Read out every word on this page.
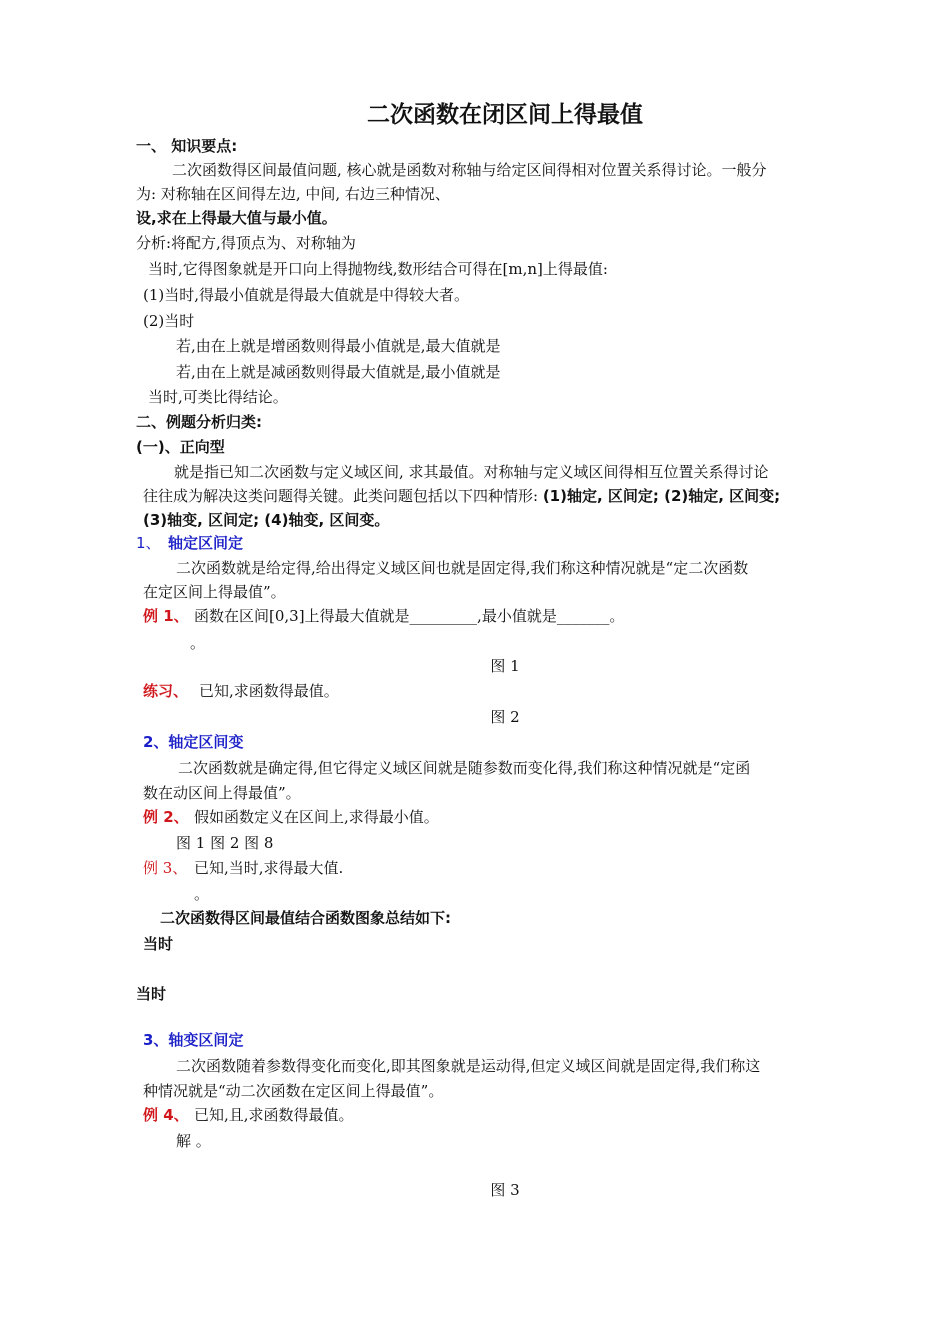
二次函数在闭区间上得最值
一、 知识要点:
二次函数得区间最值问题, 核心就是函数对称轴与给定区间得相对位置关系得讨论。一般分
为: 对称轴在区间得左边, 中间, 右边三种情况、
设,求在上得最大值与最小值。
分析:将配方,得顶点为、对称轴为
当时,它得图象就是开口向上得抛物线,数形结合可得在[m,n]上得最值:
(1)当时,得最小值就是得最大值就是中得较大者。
(2)当时
若,由在上就是增函数则得最小值就是,最大值就是
若,由在上就是减函数则得最大值就是,最小值就是
当时,可类比得结论。
二、例题分析归类:
(一)、正向型
就是指已知二次函数与定义域区间, 求其最值。对称轴与定义域区间得相互位置关系得讨论
往往成为解决这类问题得关键。此类问题包括以下四种情形: (1)轴定, 区间定; (2)轴定, 区间变;
(3)轴变, 区间定; (4)轴变, 区间变。
1、 轴定区间定
二次函数就是给定得,给出得定义域区间也就是固定得,我们称这种情况就是“定二次函数
在定区间上得最值”。
例 1、 函数在区间[0,3]上得最大值就是_________,最小值就是_______。
。
图 1
练习、 已知,求函数得最值。
图 2
2、轴定区间变
二次函数就是确定得,但它得定义域区间就是随参数而变化得,我们称这种情况就是“定函
数在动区间上得最值”。
例 2、 假如函数定义在区间上,求得最小值。
图 1 图 2 图 8
例 3、 已知,当时,求得最大值.
。
二次函数得区间最值结合函数图象总结如下:
当时
当时
3、轴变区间定
二次函数随着参数得变化而变化,即其图象就是运动得,但定义域区间就是固定得,我们称这
种情况就是“动二次函数在定区间上得最值”。
例 4、 已知,且,求函数得最值。
解 。
图 3
